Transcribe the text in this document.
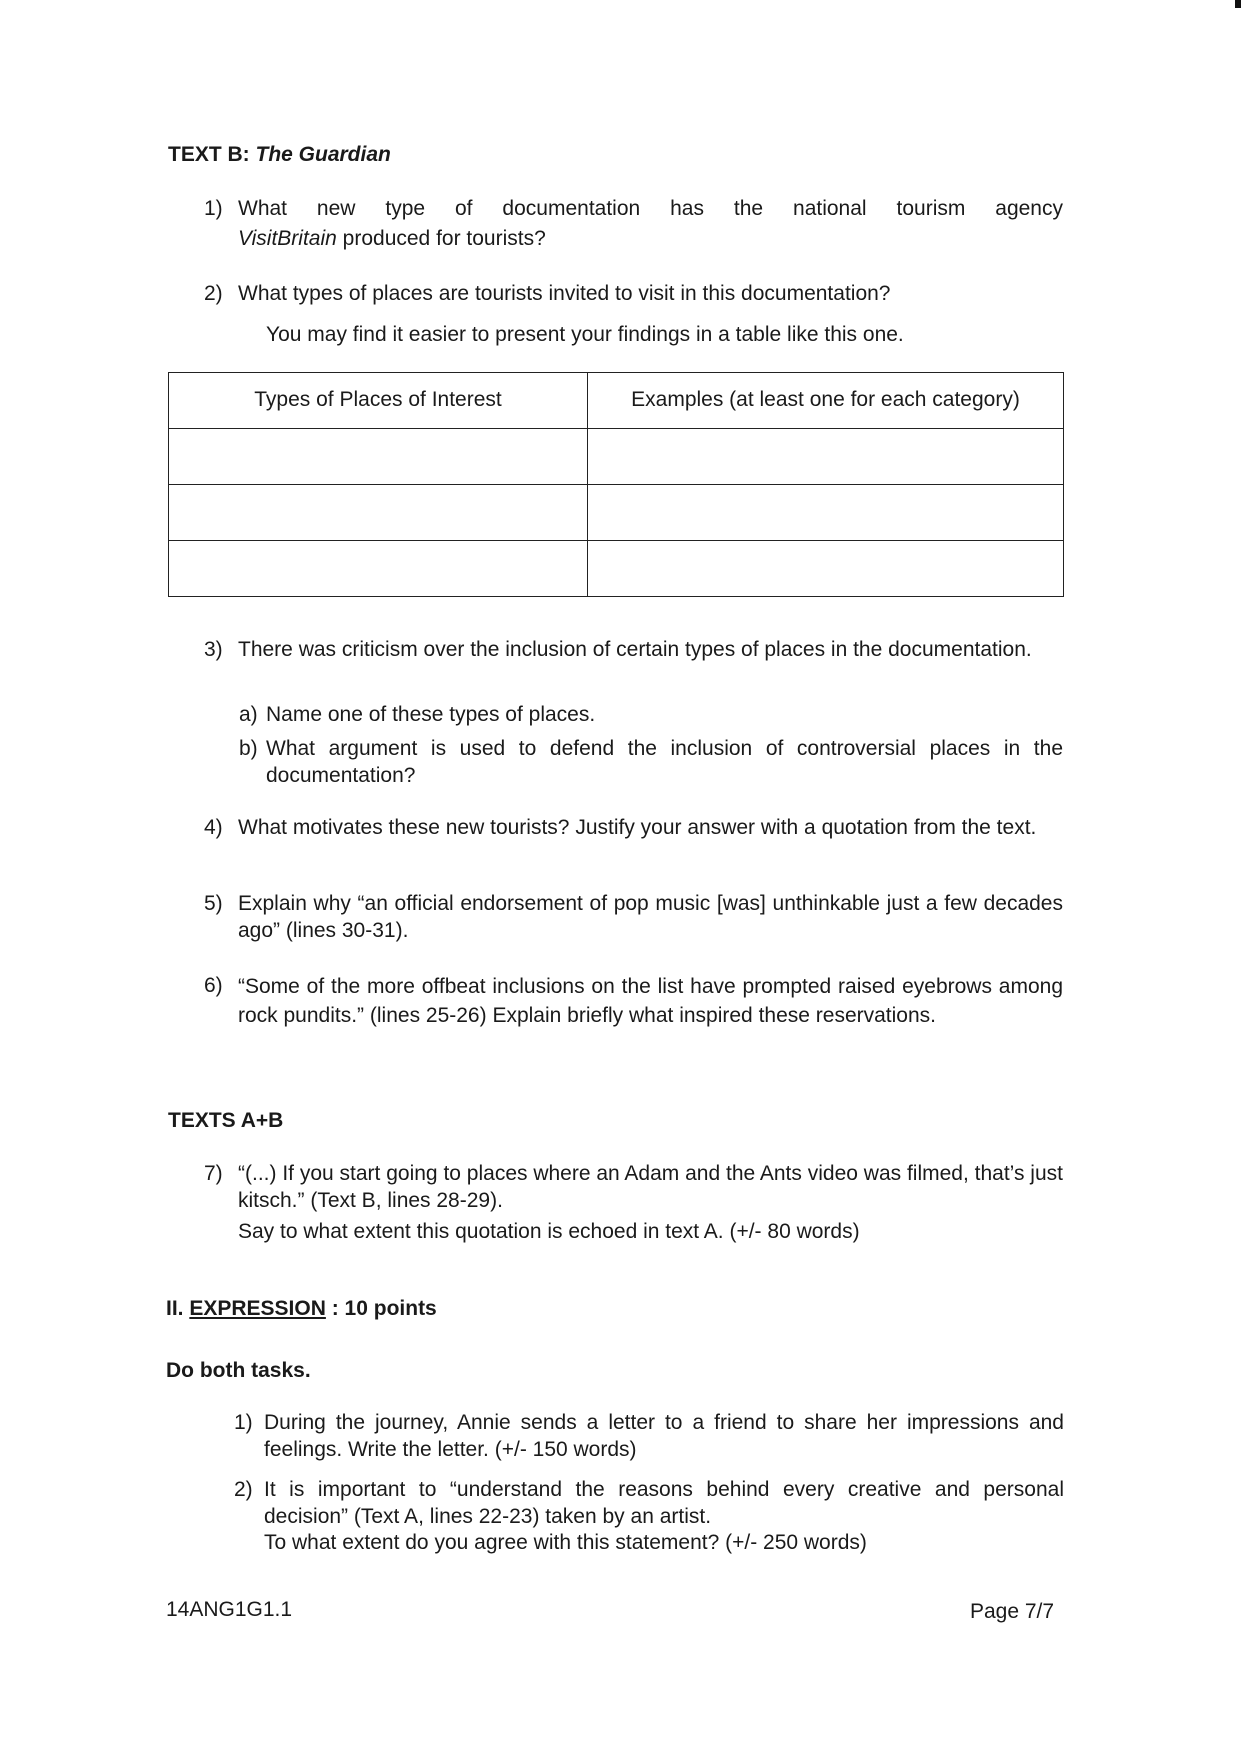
TEXT B: The Guardian
1) What new type of documentation has the national tourism agency
VisitBritain produced for tourists?
2) What types of places are tourists invited to visit in this documentation?
You may find it easier to present your findings in a table like this one.
Types of Places of Interest	Examples (at least one for each category)

3) There was criticism over the inclusion of certain types of places in the documentation.
a) Name one of these types of places.
b) What argument is used to defend the inclusion of controversial places in the documentation?
4) What motivates these new tourists? Justify your answer with a quotation from the text.
5) Explain why “an official endorsement of pop music [was] unthinkable just a few decades ago” (lines 30-31).
6) “Some of the more offbeat inclusions on the list have prompted raised eyebrows among rock pundits.” (lines 25-26) Explain briefly what inspired these reservations.
TEXTS A+B
7) “(...) If you start going to places where an Adam and the Ants video was filmed, that’s just kitsch.” (Text B, lines 28-29).
Say to what extent this quotation is echoed in text A. (+/- 80 words)
II. EXPRESSION : 10 points
Do both tasks.
1) During the journey, Annie sends a letter to a friend to share her impressions and feelings. Write the letter. (+/- 150 words)
2) It is important to “understand the reasons behind every creative and personal decision” (Text A, lines 22-23) taken by an artist.
To what extent do you agree with this statement? (+/- 250 words)
14ANG1G1.1	Page 7/7
